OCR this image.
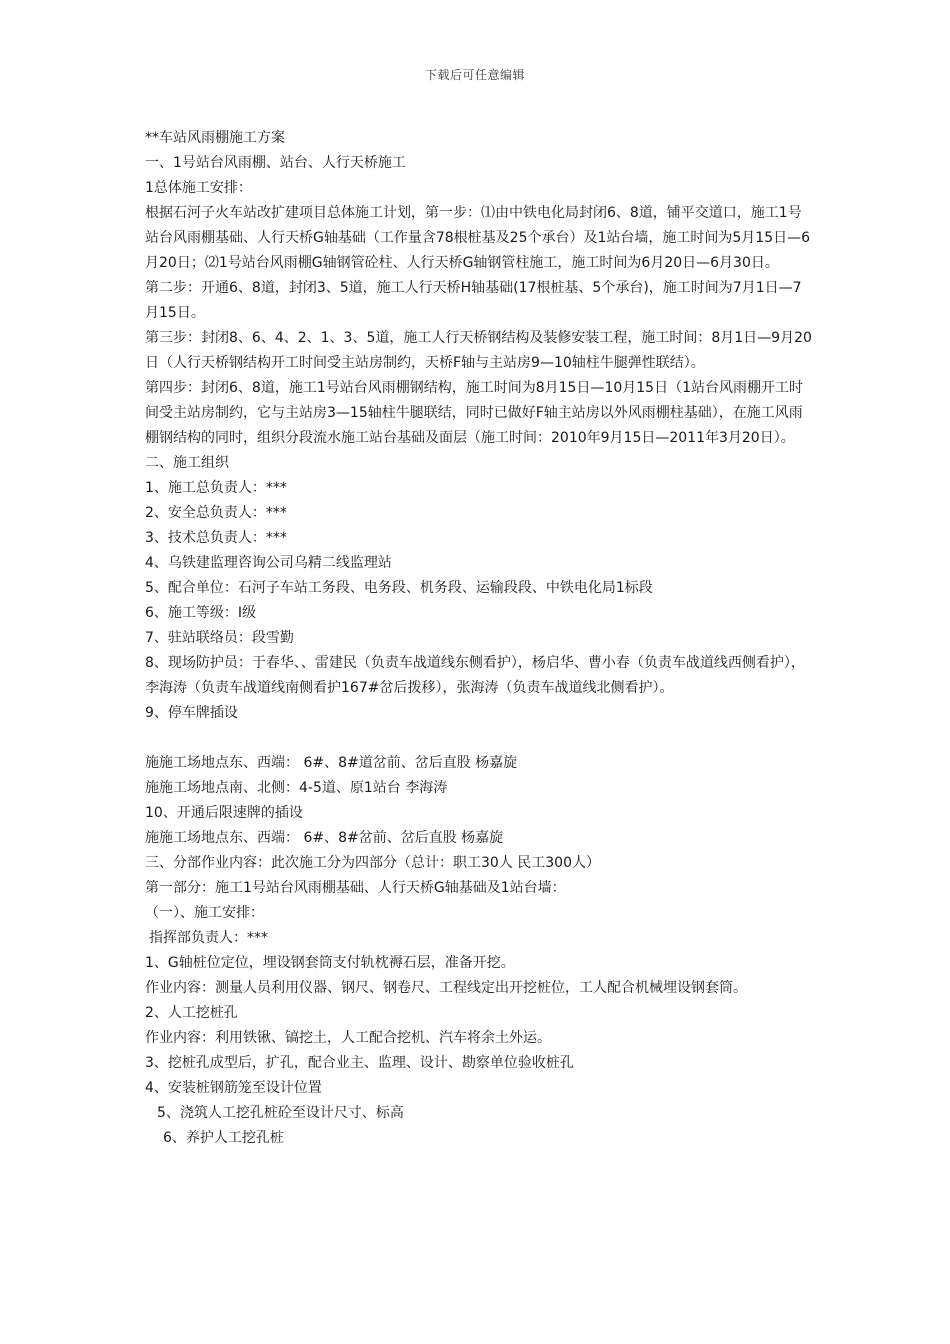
下载后可任意编辑

**车站风雨棚施工方案

一、1号站台风雨棚、站台、人行天桥施工

1总体施工安排：

根据石河子火车站改扩建项目总体施工计划，第一步：⑴由中铁电化局封闭6、8道，铺平交道口，施工1号站台风雨棚基础、人行天桥G轴基础（工作量含78根桩基及25个承台）及1站台墙，施工时间为5月15日—6月20日；⑵1号站台风雨棚G轴钢管砼柱、人行天桥G轴钢管柱施工，施工时间为6月20日—6月30日。

第二步：开通6、8道，封闭3、5道，施工人行天桥H轴基础(17根桩基、5个承台)，施工时间为7月1日—7月15日。

第三步：封闭8、6、4、2、1、3、5道，施工人行天桥钢结构及装修安装工程，施工时间：8月1日—9月20日（人行天桥钢结构开工时间受主站房制约，天桥F轴与主站房9—10轴柱牛腿弹性联结）。

第四步：封闭6、8道，施工1号站台风雨棚钢结构，施工时间为8月15日—10月15日（1站台风雨棚开工时间受主站房制约，它与主站房3—15轴柱牛腿联结，同时已做好F轴主站房以外风雨棚柱基础），在施工风雨棚钢结构的同时，组织分段流水施工站台基础及面层（施工时间：2010年9月15日—2011年3月20日）。

二、施工组织

1、施工总负责人：***

2、安全总负责人：***

3、技术总负责人：***

4、乌铁建监理咨询公司乌精二线监理站

5、配合单位：石河子车站工务段、电务段、机务段、运输段段、中铁电化局1标段

6、施工等级：Ⅰ级

7、驻站联络员：段雪勤

8、现场防护员：于春华、、雷建民（负责车战道线东侧看护），杨启华、曹小春（负责车战道线西侧看护），李海涛（负责车战道线南侧看护167#岔后拨移），张海涛（负责车战道线北侧看护）。

9、停车牌插设

施施工场地点东、西端： 6#、8#道岔前、岔后直股 杨嘉旋

施施工场地点南、北侧：4-5道、原1站台 李海涛

10、开通后限速牌的插设

施施工场地点东、西端： 6#、8#岔前、岔后直股 杨嘉旋

三、分部作业内容：此次施工分为四部分（总计：职工30人 民工300人）

第一部分：施工1号站台风雨棚基础、人行天桥G轴基础及1站台墙：

（一）、施工安排：

指挥部负责人：***

1、G轴桩位定位，埋设钢套筒支付轨枕褥石层，准备开挖。

作业内容：测量人员利用仪器、钢尺、钢卷尺、工程线定出开挖桩位，工人配合机械埋设钢套筒。

2、人工挖桩孔

作业内容：利用铁锹、镐挖土，人工配合挖机、汽车将余土外运。

3、挖桩孔成型后，扩孔，配合业主、监理、设计、勘察单位验收桩孔

4、安装桩钢筋笼至设计位置

5、浇筑人工挖孔桩砼至设计尺寸、标高

6、养护人工挖孔桩
